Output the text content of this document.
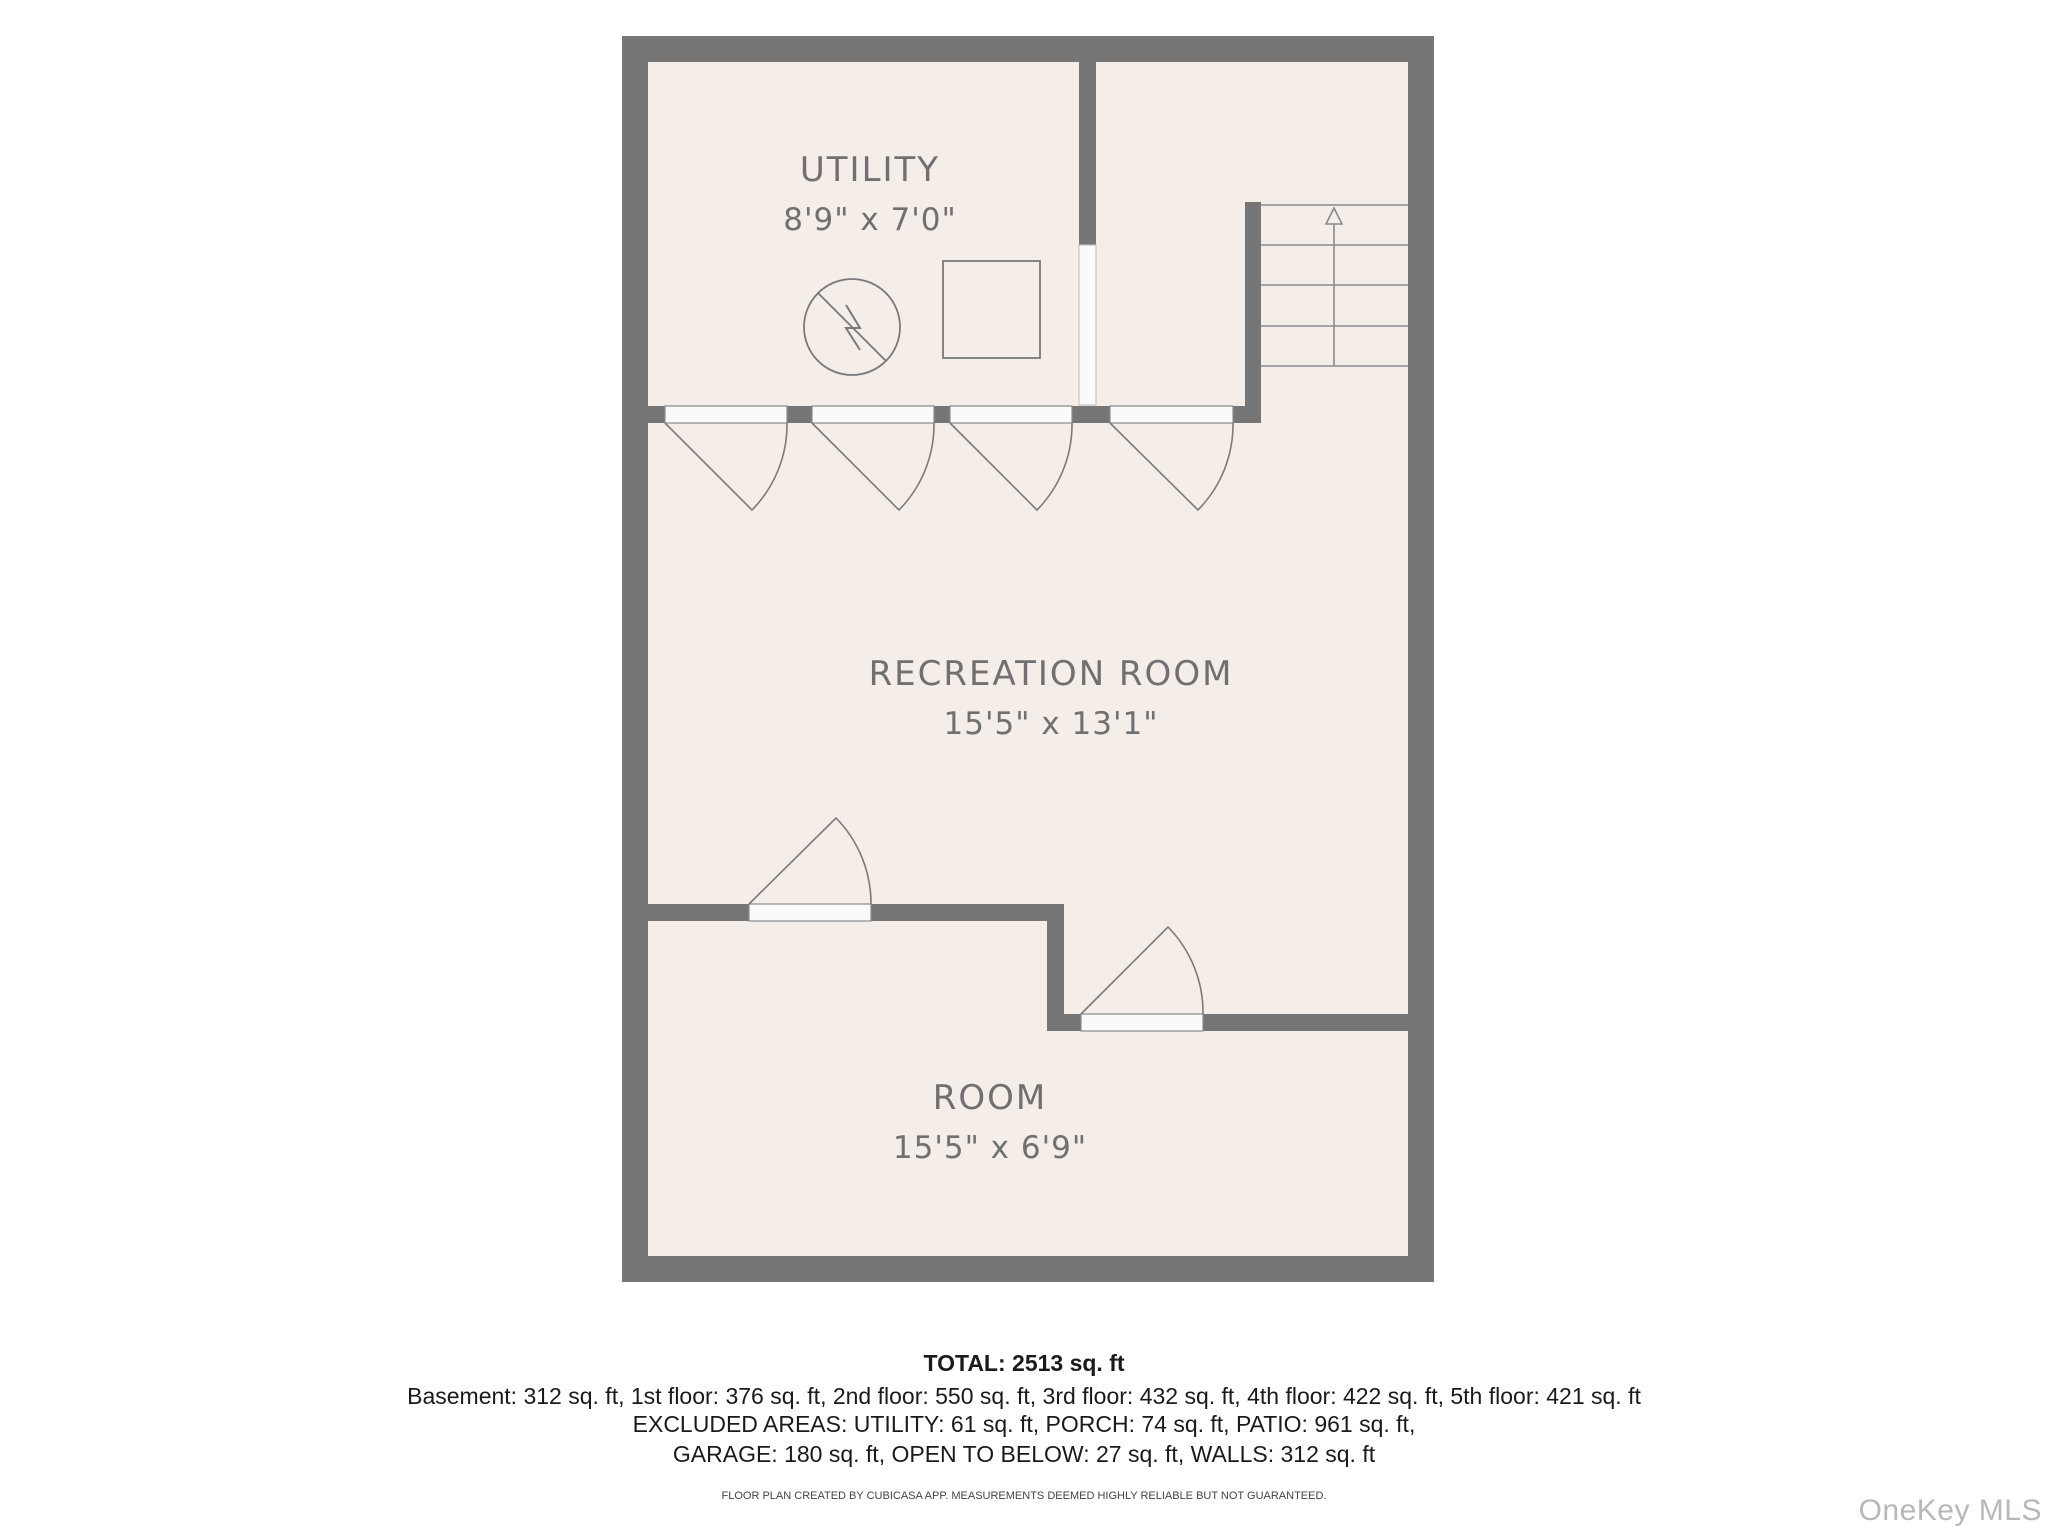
UTILITY
8'9" x 7'0"
RECREATION ROOM
15'5" x 13'1"
ROOM
15'5" x 6'9"
TOTAL: 2513 sq. ft
Basement: 312 sq. ft, 1st floor: 376 sq. ft, 2nd floor: 550 sq. ft, 3rd floor: 432 sq. ft, 4th floor: 422 sq. ft, 5th floor: 421 sq. ft
EXCLUDED AREAS: UTILITY: 61 sq. ft, PORCH: 74 sq. ft, PATIO: 961 sq. ft,
GARAGE: 180 sq. ft, OPEN TO BELOW: 27 sq. ft, WALLS: 312 sq. ft
FLOOR PLAN CREATED BY CUBICASA APP. MEASUREMENTS DEEMED HIGHLY RELIABLE BUT NOT GUARANTEED.	OneKey MLS
